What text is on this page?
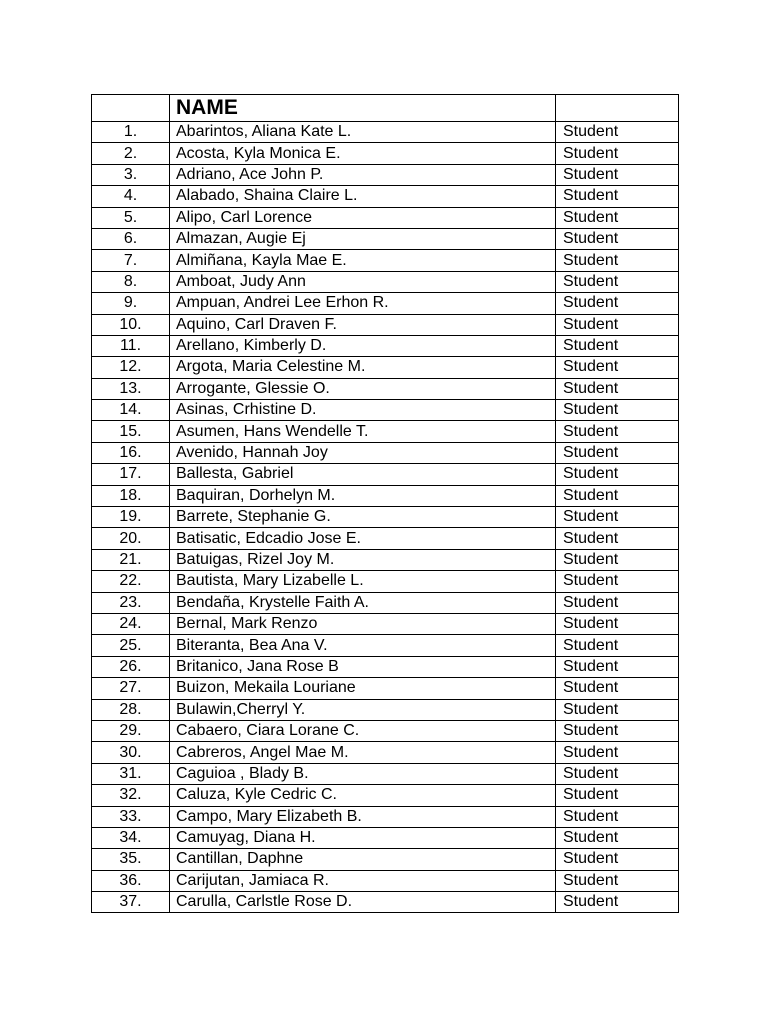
	NAME	
1.	Abarintos, Aliana Kate L.	Student
2.	Acosta, Kyla Monica E.	Student
3.	Adriano, Ace John P.	Student
4.	Alabado, Shaina Claire L.	Student
5.	Alipo, Carl Lorence	Student
6.	Almazan, Augie Ej	Student
7.	Almiñana, Kayla Mae E.	Student
8.	Amboat, Judy Ann	Student
9.	Ampuan, Andrei Lee Erhon R.	Student
10.	Aquino, Carl Draven F.	Student
11.	Arellano, Kimberly D.	Student
12.	Argota, Maria Celestine M.	Student
13.	Arrogante, Glessie O.	Student
14.	Asinas, Crhistine D.	Student
15.	Asumen, Hans Wendelle T.	Student
16.	Avenido, Hannah Joy	Student
17.	Ballesta, Gabriel	Student
18.	Baquiran, Dorhelyn M.	Student
19.	Barrete, Stephanie G.	Student
20.	Batisatic, Edcadio Jose E.	Student
21.	Batuigas, Rizel Joy M.	Student
22.	Bautista, Mary Lizabelle L.	Student
23.	Bendaña, Krystelle Faith A.	Student
24.	Bernal, Mark Renzo	Student
25.	Biteranta, Bea Ana V.	Student
26.	Britanico, Jana Rose B	Student
27.	Buizon, Mekaila Louriane	Student
28.	Bulawin,Cherryl Y.	Student
29.	Cabaero, Ciara Lorane C.	Student
30.	Cabreros, Angel Mae M.	Student
31.	Caguioa , Blady B.	Student
32.	Caluza, Kyle Cedric C.	Student
33.	Campo, Mary Elizabeth B.	Student
34.	Camuyag, Diana H.	Student
35.	Cantillan, Daphne	Student
36.	Carijutan, Jamiaca R.	Student
37.	Carulla, Carlstle Rose D.	Student
